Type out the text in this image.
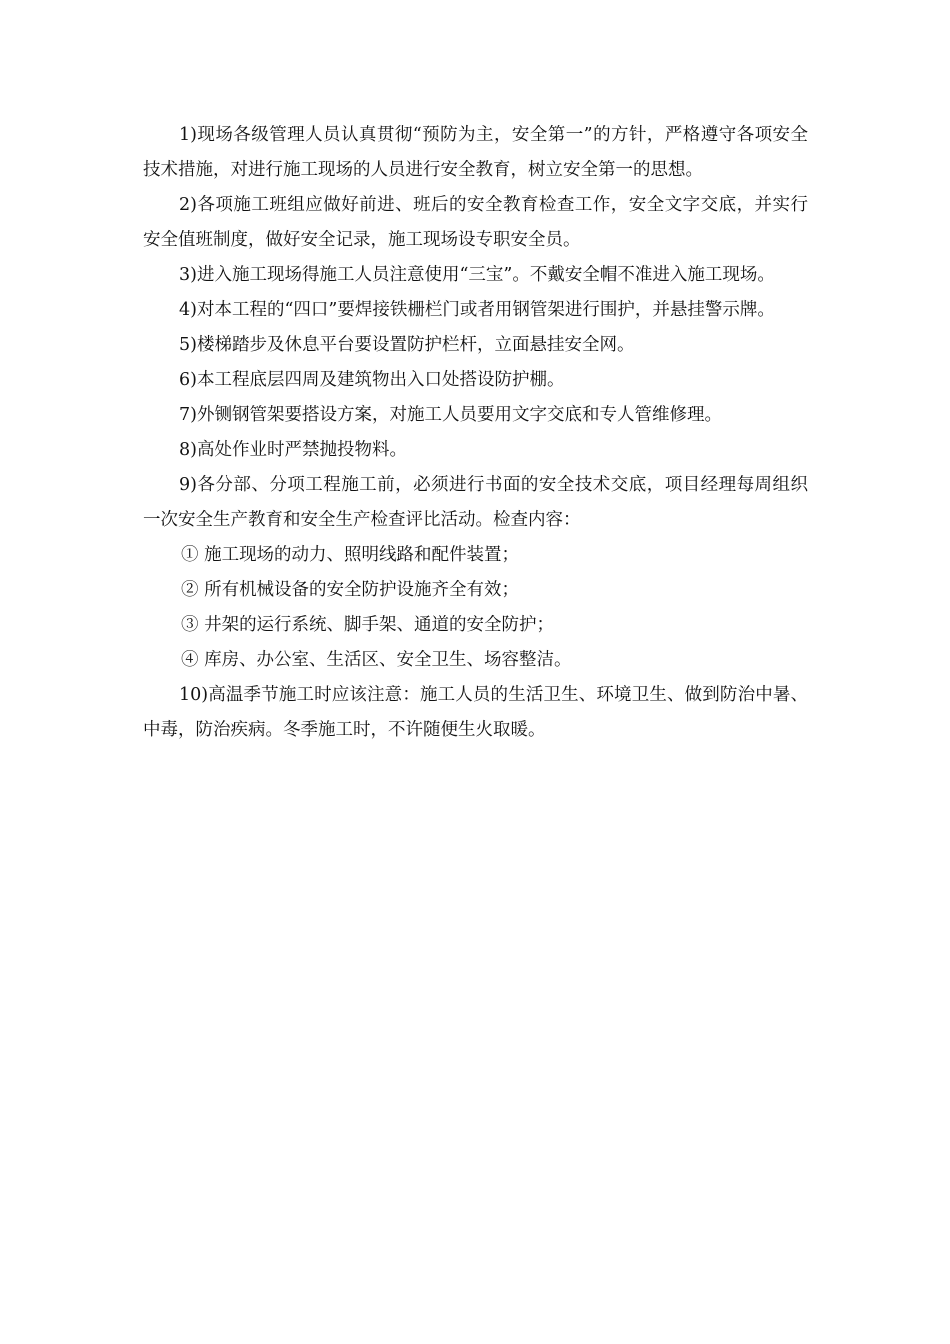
1)现场各级管理人员认真贯彻“预防为主，安全第一”的方针，严格遵守各项安全技术措施，对进行施工现场的人员进行安全教育，树立安全第一的思想。

2)各项施工班组应做好前进、班后的安全教育检查工作，安全文字交底，并实行安全值班制度，做好安全记录，施工现场设专职安全员。

3)进入施工现场得施工人员注意使用“三宝”。不戴安全帽不准进入施工现场。

4)对本工程的“四口”要焊接铁栅栏门或者用钢管架进行围护，并悬挂警示牌。

5)楼梯踏步及休息平台要设置防护栏杆，立面悬挂安全网。

6)本工程底层四周及建筑物出入口处搭设防护棚。

7)外铡钢管架要搭设方案，对施工人员要用文字交底和专人管维修理。

8)高处作业时严禁抛投物料。

9)各分部、分项工程施工前，必须进行书面的安全技术交底，项目经理每周组织一次安全生产教育和安全生产检查评比活动。检查内容：

① 施工现场的动力、照明线路和配件装置；

② 所有机械设备的安全防护设施齐全有效；

③ 井架的运行系统、脚手架、通道的安全防护；

④ 库房、办公室、生活区、安全卫生、场容整洁。

10)高温季节施工时应该注意：施工人员的生活卫生、环境卫生、做到防治中暑、中毒，防治疾病。冬季施工时，不许随便生火取暖。
